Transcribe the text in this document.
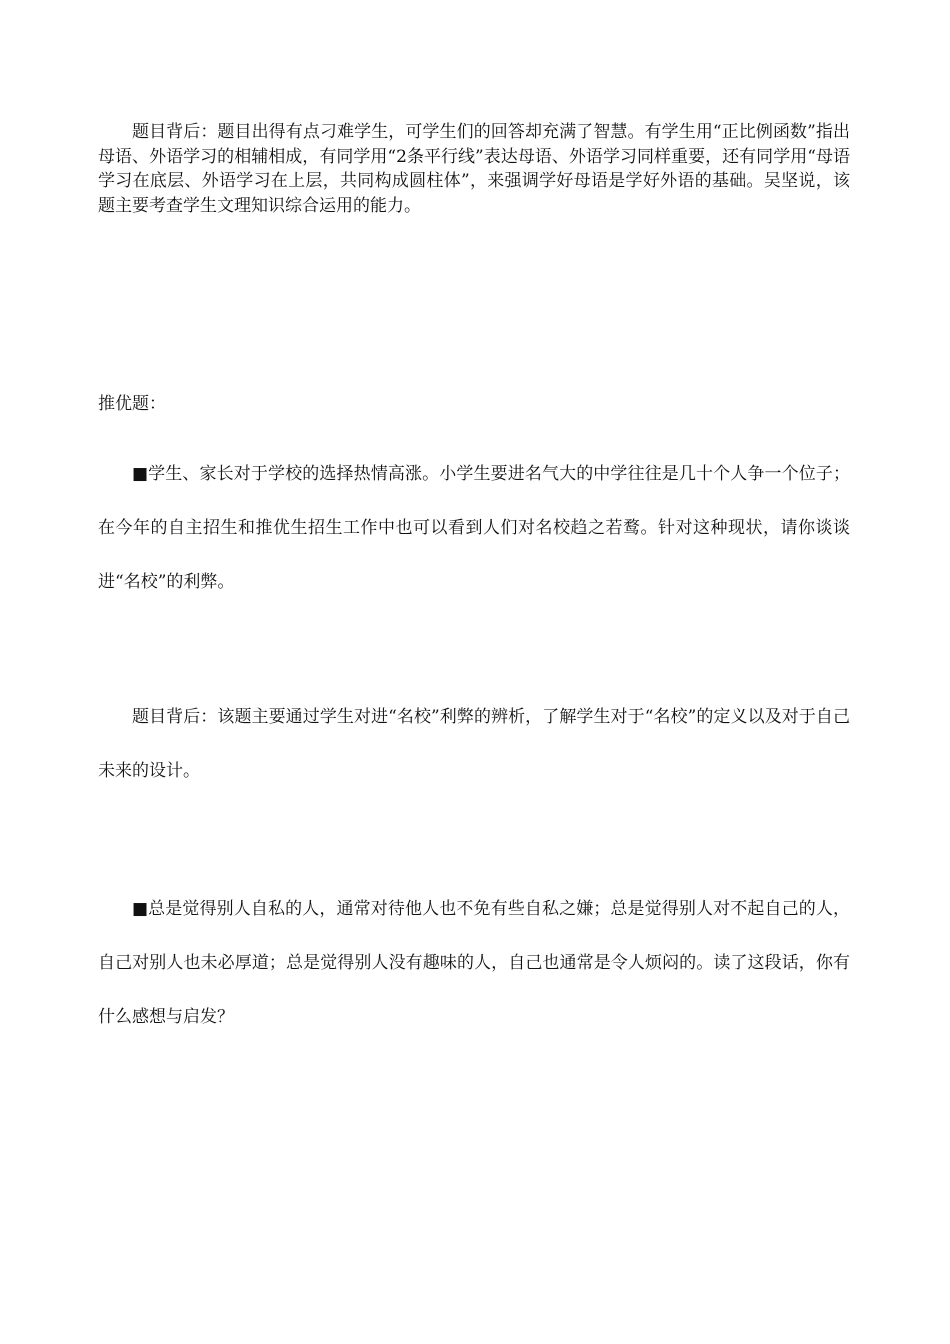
题目背后：题目出得有点刁难学生，可学生们的回答却充满了智慧。有学生用“正比例函数”指出母语、外语学习的相辅相成，有同学用“2条平行线”表达母语、外语学习同样重要，还有同学用“母语学习在底层、外语学习在上层，共同构成圆柱体”，来强调学好母语是学好外语的基础。吴坚说，该题主要考查学生文理知识综合运用的能力。

推优题：

■学生、家长对于学校的选择热情高涨。小学生要进名气大的中学往往是几十个人争一个位子；在今年的自主招生和推优生招生工作中也可以看到人们对名校趋之若鹜。针对这种现状，请你谈谈进“名校”的利弊。

题目背后：该题主要通过学生对进“名校”利弊的辨析，了解学生对于“名校”的定义以及对于自己未来的设计。

■总是觉得别人自私的人，通常对待他人也不免有些自私之嫌；总是觉得别人对不起自己的人，自己对别人也未必厚道；总是觉得别人没有趣味的人，自己也通常是令人烦闷的。读了这段话，你有什么感想与启发？
